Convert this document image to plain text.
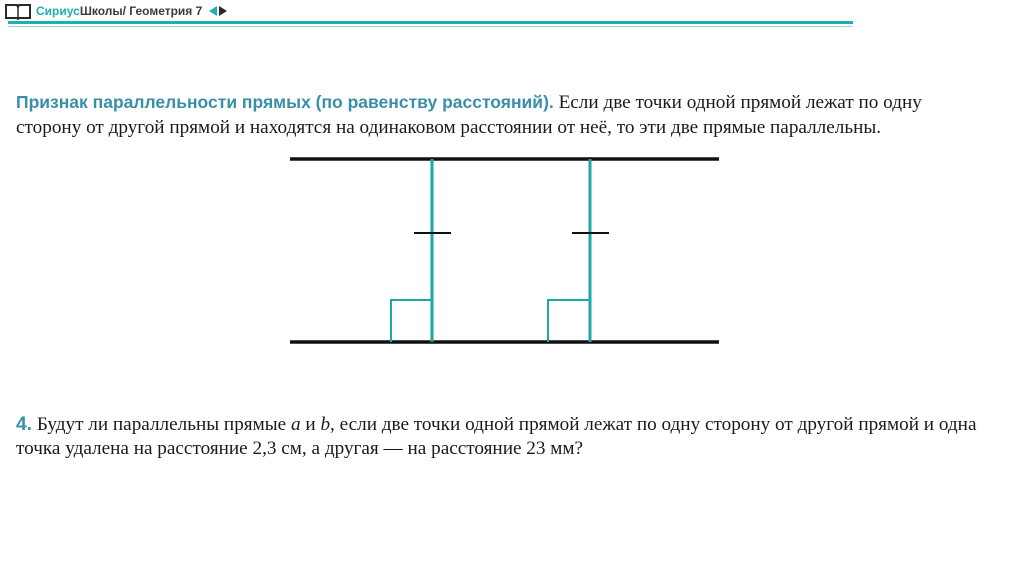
СириусШколы/ Геометрия 7

Признак параллельности прямых (по равенству расстояний). Если две точки одной прямой лежат по одну сторону от другой прямой и находятся на одинаковом расстоянии от неё, то эти две прямые параллельны.

4. Будут ли параллельны прямые a и b, если две точки одной прямой лежат по одну сторону от другой прямой и одна точка удалена на расстояние 2,3 см, а другая — на расстояние 23 мм?
